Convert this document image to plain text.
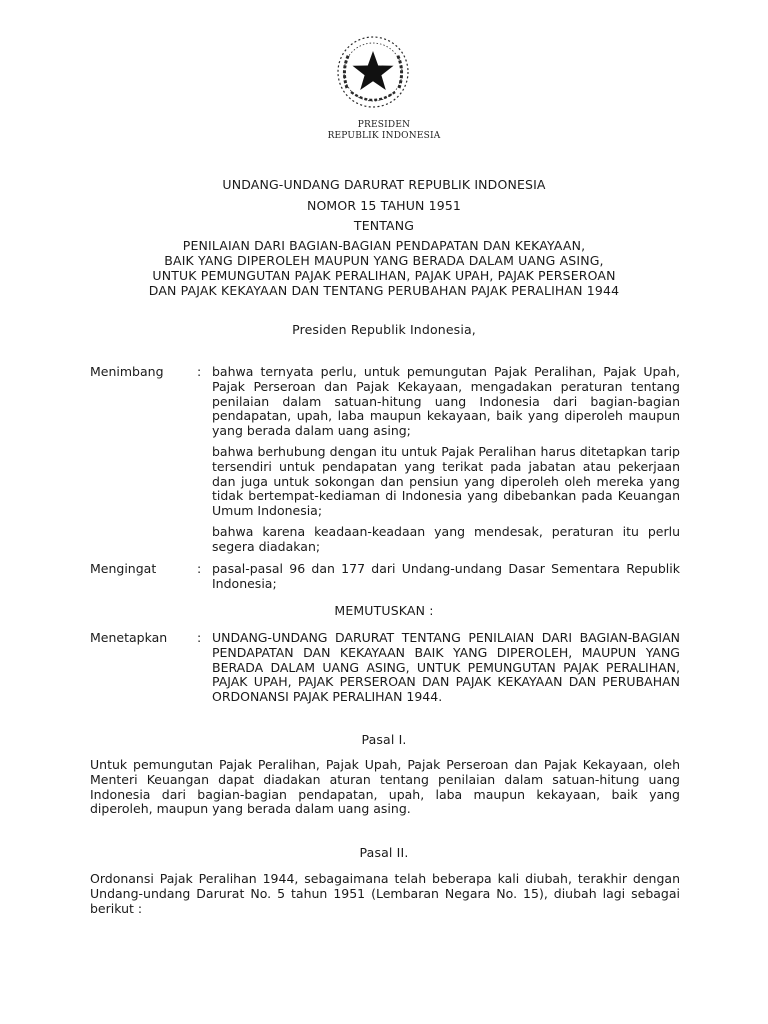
PRESIDEN
REPUBLIK INDONESIA
UNDANG-UNDANG DARURAT REPUBLIK INDONESIA
NOMOR 15 TAHUN 1951
TENTANG
PENILAIAN DARI BAGIAN-BAGIAN PENDAPATAN DAN KEKAYAAN,
BAIK YANG DIPEROLEH MAUPUN YANG BERADA DALAM UANG ASING,
UNTUK PEMUNGUTAN PAJAK PERALIHAN, PAJAK UPAH, PAJAK PERSEROAN
DAN PAJAK KEKAYAAN DAN TENTANG PERUBAHAN PAJAK PERALIHAN 1944
Presiden Republik Indonesia,
Menimbang	: bahwa ternyata perlu, untuk pemungutan Pajak Peralihan, Pajak Upah, Pajak Perseroan dan Pajak Kekayaan, mengadakan peraturan tentang penilaian dalam satuan-hitung uang Indonesia dari bagian-bagian pendapatan, upah, laba maupun kekayaan, baik yang diperoleh maupun yang berada dalam uang asing;

bahwa berhubung dengan itu untuk Pajak Peralihan harus ditetapkan tarip tersendiri untuk pendapatan yang terikat pada jabatan atau pekerjaan dan juga untuk sokongan dan pensiun yang diperoleh oleh mereka yang tidak bertempat-kediaman di Indonesia yang dibebankan pada Keuangan Umum Indonesia;

bahwa karena keadaan-keadaan yang mendesak, peraturan itu perlu segera diadakan;

Mengingat	: pasal-pasal 96 dan 177 dari Undang-undang Dasar Sementara Republik Indonesia;

MEMUTUSKAN :
Menetapkan	: UNDANG-UNDANG DARURAT TENTANG PENILAIAN DARI BAGIAN-BAGIAN PENDAPATAN DAN KEKAYAAN BAIK YANG DIPEROLEH, MAUPUN YANG BERADA DALAM UANG ASING, UNTUK PEMUNGUTAN PAJAK PERALIHAN, PAJAK UPAH, PAJAK PERSEROAN DAN PAJAK KEKAYAAN DAN PERUBAHAN ORDONANSI PAJAK PERALIHAN 1944.

Pasal I.
Untuk pemungutan Pajak Peralihan, Pajak Upah, Pajak Perseroan dan Pajak Kekayaan, oleh Menteri Keuangan dapat diadakan aturan tentang penilaian dalam satuan-hitung uang Indonesia dari bagian-bagian pendapatan, upah, laba maupun kekayaan, baik yang diperoleh, maupun yang berada dalam uang asing.
Pasal II.
Ordonansi Pajak Peralihan 1944, sebagaimana telah beberapa kali diubah, terakhir dengan Undang-undang Darurat No. 5 tahun 1951 (Lembaran Negara No. 15), diubah lagi sebagai berikut :
